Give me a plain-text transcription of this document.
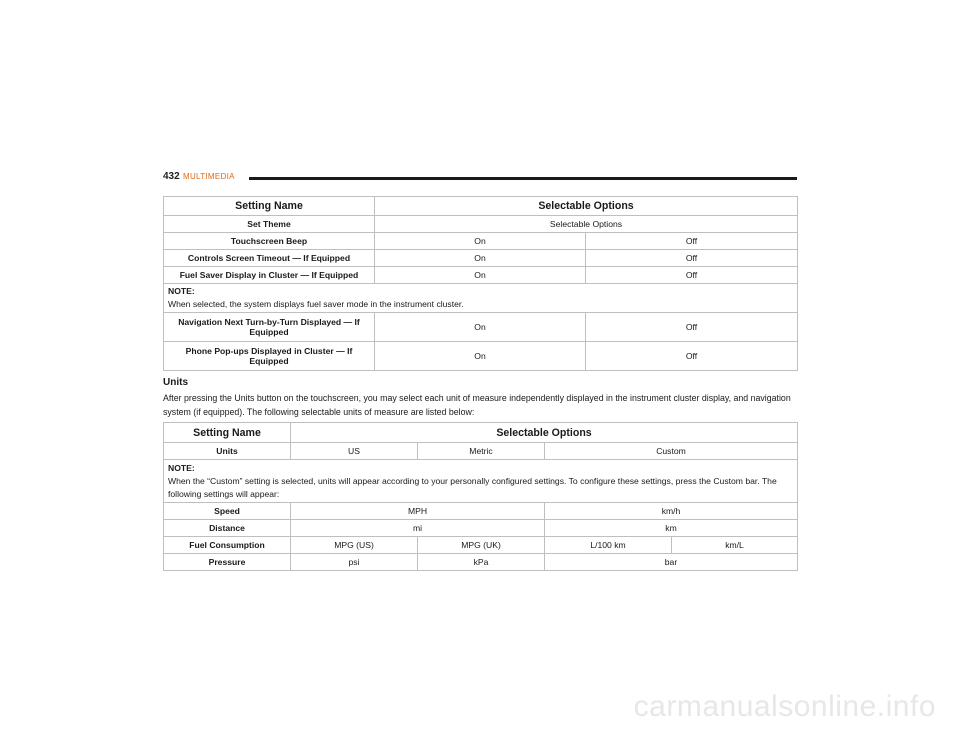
432 MULTIMEDIA
Setting Name	Selectable Options	
Set Theme	Selectable Options	
Touchscreen Beep	On	Off
Controls Screen Timeout — If Equipped	On	Off
Fuel Saver Display in Cluster — If Equipped	On	Off

NOTE:
When selected, the system displays fuel saver mode in the instrument cluster.		

Navigation Next Turn-by-Turn Displayed — If Equipped	On	Off
Phone Pop-ups Displayed in Cluster — If Equipped	On	Off
Units
After pressing the Units button on the touchscreen, you may select each unit of measure independently displayed in the instrument cluster display, and navigation system (if equipped). The following selectable units of measure are listed below:
Setting Name	Selectable Options			
Units	US	Metric	Custom	

NOTE:
When the “Custom” setting is selected, units will appear according to your personally configured settings. To configure these settings, press the Custom bar. The following settings will appear:				

Speed	MPH		km/h	
Distance	mi		km	
Fuel Consumption	MPG (US)	MPG (UK)	L/100 km	km/L
Pressure	psi	kPa	bar	
carmanualsonline.info
